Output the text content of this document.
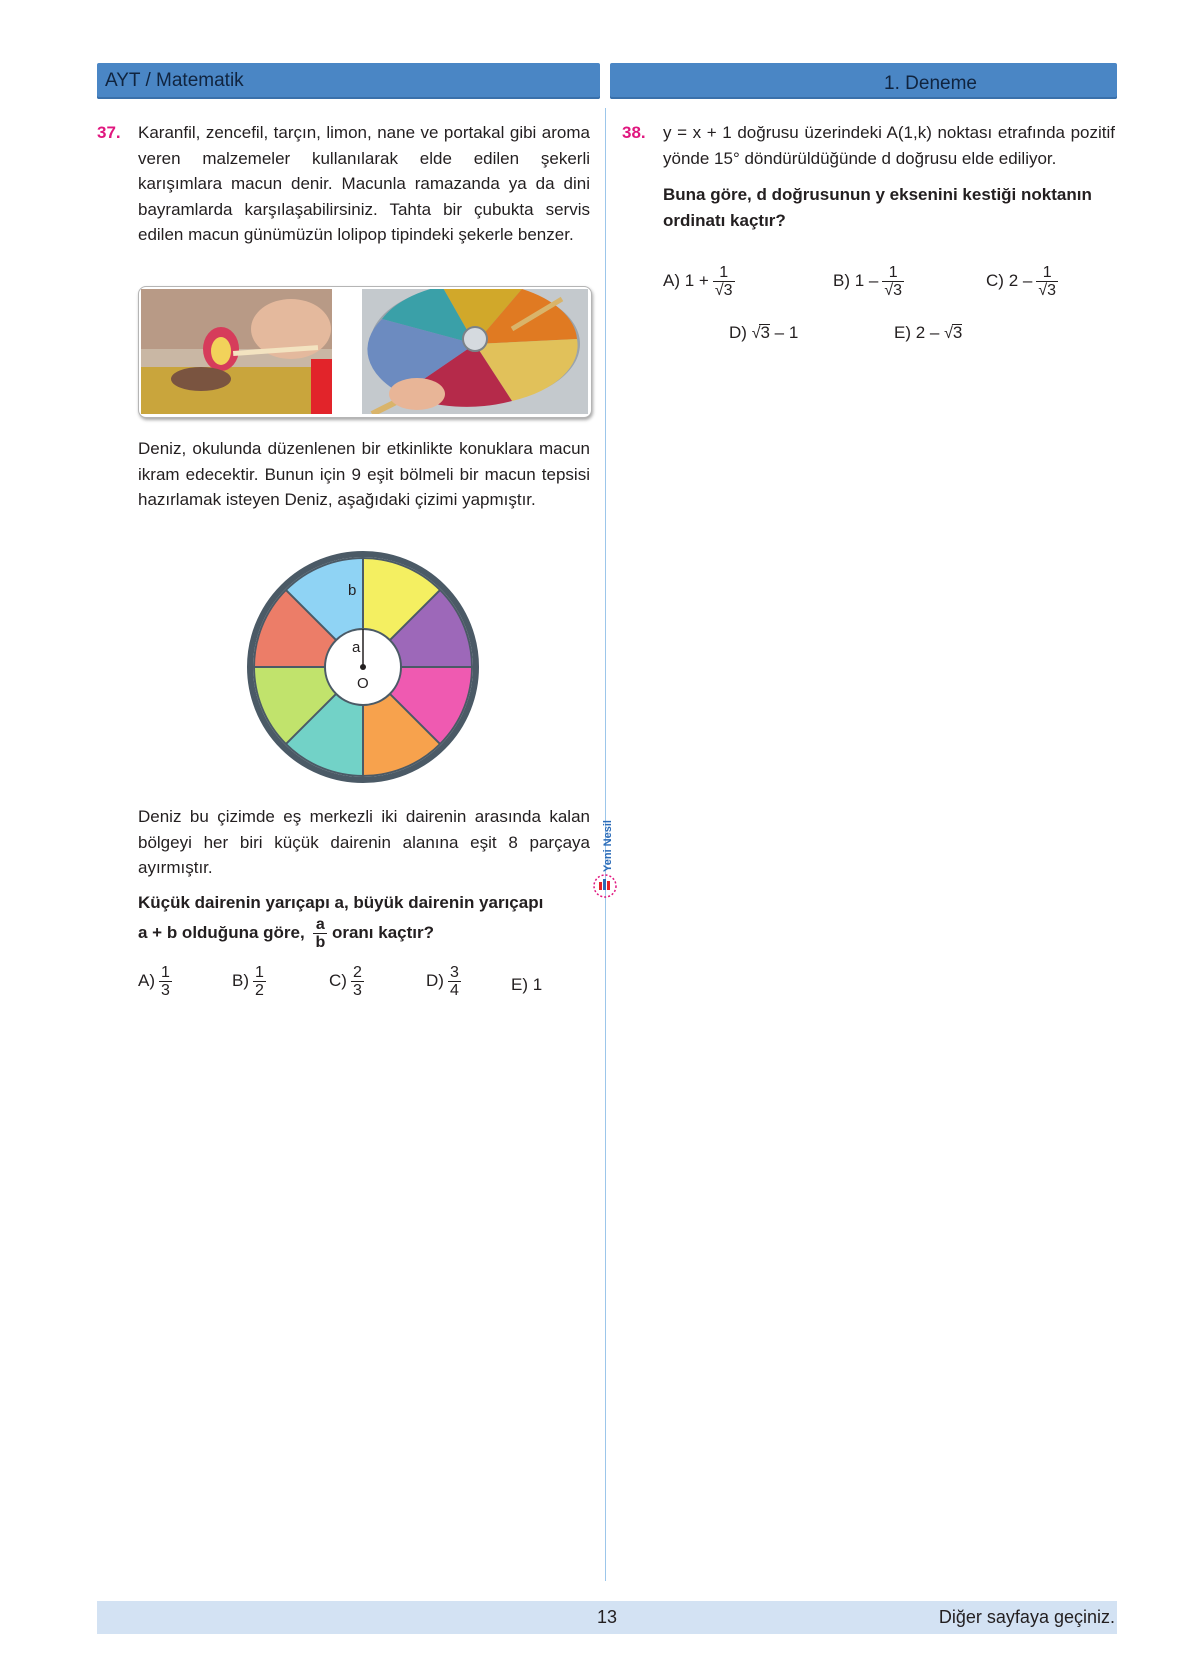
AYT / Matematik	1. Deneme
37. Karanfil, zencefil, tarçın, limon, nane ve portakal gibi aroma veren malzemeler kullanılarak elde edilen şekerli karışımlara macun denir. Macunla ramazanda ya da dini bayramlarda karşılaşabilirsiniz. Tahta bir çubukta servis edilen macun günümüzün lolipop tipindeki şekerle benzer.

Deniz, okulunda düzenlenen bir etkinlikte konuklara macun ikram edecektir. Bunun için 9 eşit bölmeli bir macun tepsisi hazırlamak isteyen Deniz, aşağıdaki çizimi yapmıştır.

b
a
O

Deniz bu çizimde eş merkezli iki dairenin arasında kalan bölgeyi her biri küçük dairenin alanına eşit 8 parçaya ayırmıştır.

Küçük dairenin yarıçapı a, büyük dairenin yarıçapı
a + b olduğuna göre, $\frac{a}{b}$ oranı kaçtır?
$A) \frac{1}{3}$	$B) \frac{1}{2}$	$C) \frac{2}{3}$	$D) \frac{3}{4}$	E) 1
Yeni Nesil
38. y = x + 1 doğrusu üzerindeki A(1,k) noktası etrafında pozitif yönde 15° döndürüldüğünde d doğrusu elde ediliyor.

Buna göre, d doğrusunun y eksenini kestiği noktanın ordinatı kaçtır?

A) $1 + \frac{1}{√3}$	B) $1 - \frac{1}{√3}$	C) $2 - \frac{1}{√3}$
D) √3 – 1	E) 2 – √3
13	Diğer sayfaya geçiniz.
